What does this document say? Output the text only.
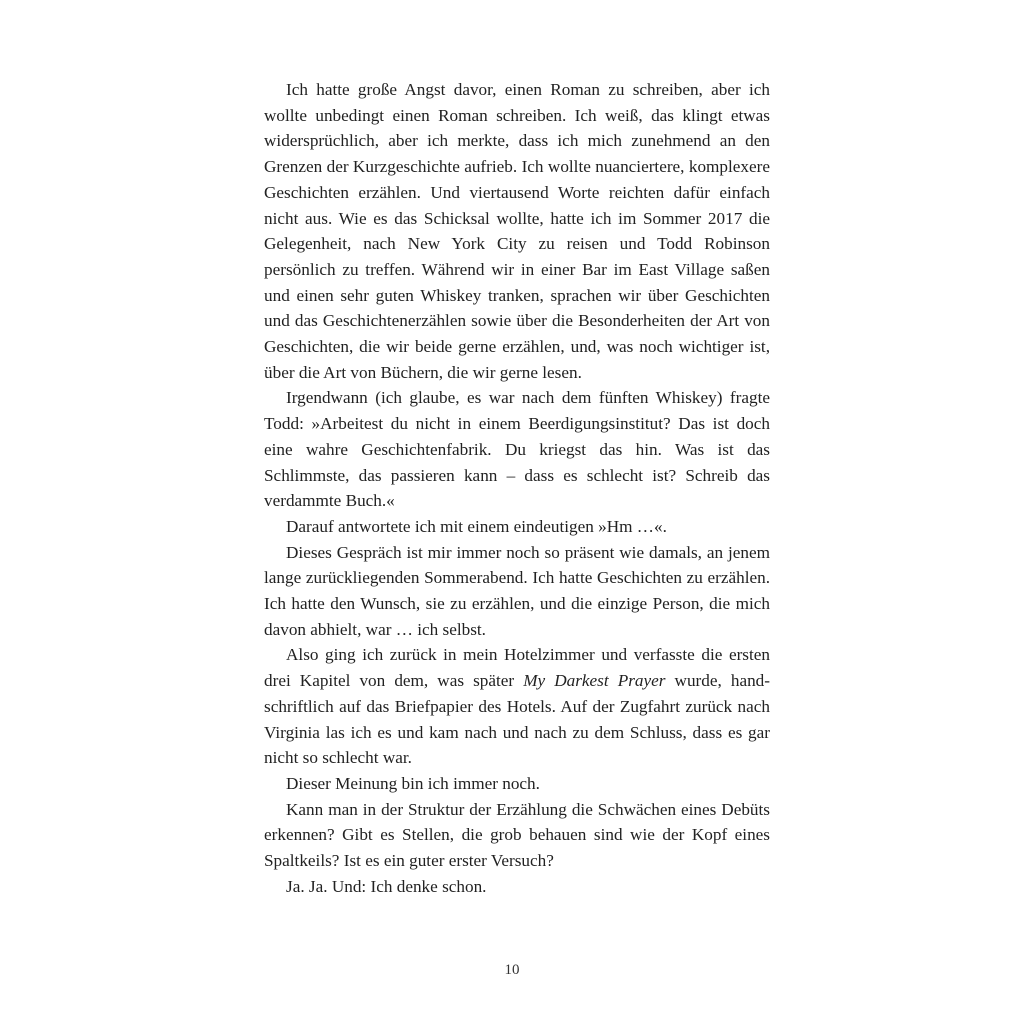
Ich hatte große Angst davor, einen Roman zu schreiben, aber ich wollte unbedingt einen Roman schreiben. Ich weiß, das klingt etwas widersprüchlich, aber ich merkte, dass ich mich zunehmend an den Grenzen der Kurzgeschichte aufrieb. Ich wollte nuanciertere, komplexere Geschichten erzählen. Und viertausend Worte reichten dafür einfach nicht aus. Wie es das Schicksal wollte, hatte ich im Sommer 2017 die Gelegenheit, nach New York City zu reisen und Todd Robinson persönlich zu treffen. Während wir in einer Bar im East Village saßen und einen sehr guten Whiskey tranken, sprachen wir über Geschichten und das Geschichtenerzählen sowie über die Besonderheiten der Art von Geschichten, die wir beide gerne erzählen, und, was noch wichtiger ist, über die Art von Büchern, die wir gerne lesen.

Irgendwann (ich glaube, es war nach dem fünften Whiskey) fragte Todd: »Arbeitest du nicht in einem Beerdigungsinstitut? Das ist doch eine wahre Geschichtenfabrik. Du kriegst das hin. Was ist das Schlimmste, das passieren kann – dass es schlecht ist? Schreib das verdammte Buch.«

Darauf antwortete ich mit einem eindeutigen »Hm …«.

Dieses Gespräch ist mir immer noch so präsent wie damals, an jenem lange zurückliegenden Sommerabend. Ich hatte Geschichten zu erzählen. Ich hatte den Wunsch, sie zu erzählen, und die einzige Person, die mich davon abhielt, war … ich selbst.

Also ging ich zurück in mein Hotelzimmer und verfasste die ersten drei Kapitel von dem, was später My Darkest Prayer wurde, handschriftlich auf das Briefpapier des Hotels. Auf der Zugfahrt zurück nach Virginia las ich es und kam nach und nach zu dem Schluss, dass es gar nicht so schlecht war.

Dieser Meinung bin ich immer noch.

Kann man in der Struktur der Erzählung die Schwächen eines Debüts erkennen? Gibt es Stellen, die grob behauen sind wie der Kopf eines Spaltkeils? Ist es ein guter erster Versuch?

Ja. Ja. Und: Ich denke schon.

10
